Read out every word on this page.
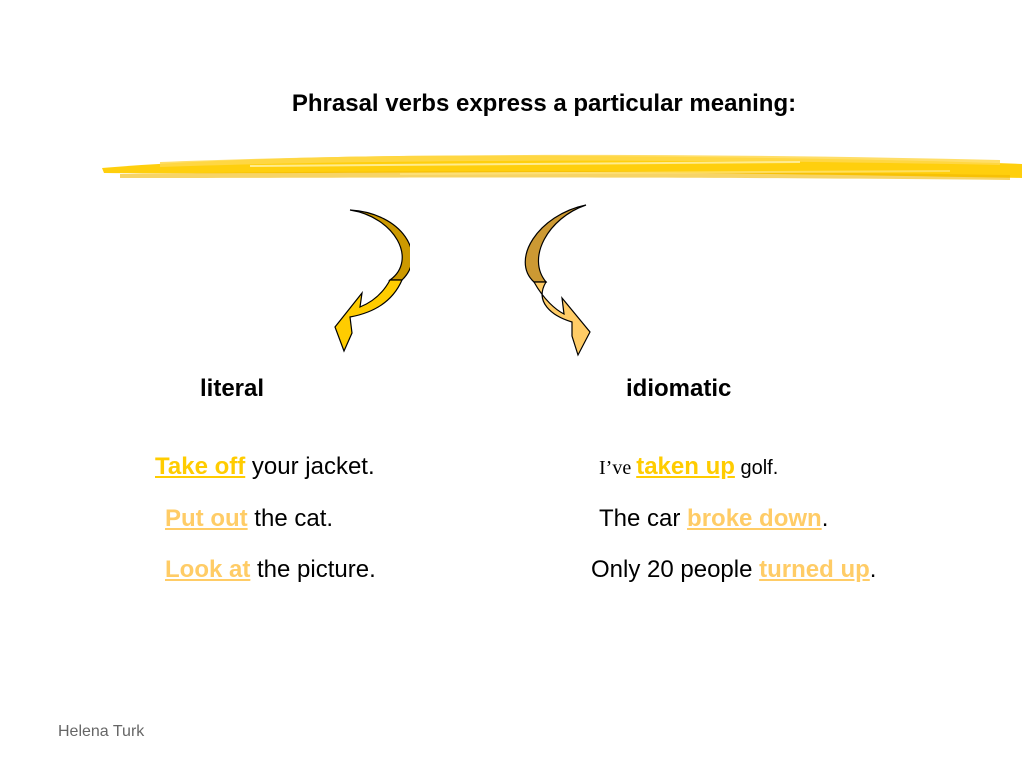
Phrasal verbs express a particular meaning:
literal	idiomatic
Take off your jacket.
Put out the cat.
Look at the picture.
I’ve taken up golf.
The car broke down.
Only 20 people turned up.
Helena Turk
